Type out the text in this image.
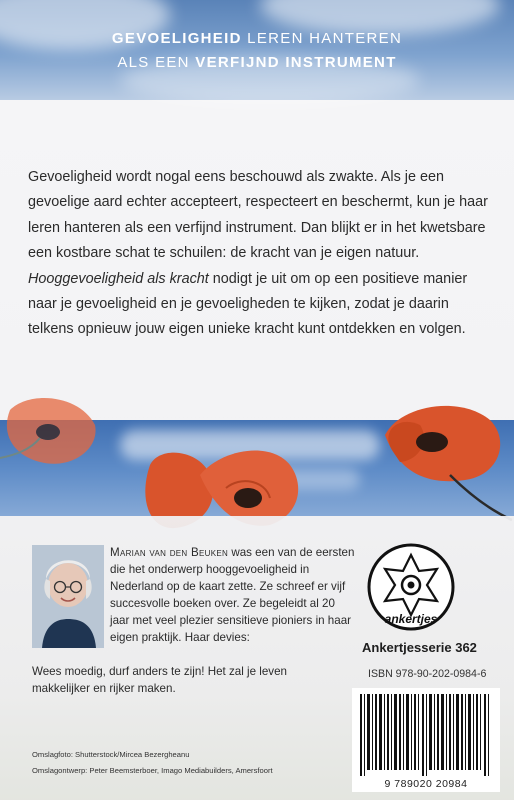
GEVOELIGHEID LEREN HANTEREN
ALS EEN VERFIJND INSTRUMENT
Gevoeligheid wordt nogal eens beschouwd als zwakte. Als je een gevoelige aard echter accepteert, respecteert en beschermt, kun je haar leren hanteren als een verfijnd instrument. Dan blijkt er in het kwetsbare een kostbare schat te schuilen: de kracht van je eigen natuur. Hooggevoeligheid als kracht nodigt je uit om op een positieve manier naar je gevoeligheid en je gevoeligheden te kijken, zodat je daarin telkens opnieuw jouw eigen unieke kracht kunt ontdekken en volgen.
Marian van den Beuken was een van de eersten die het onderwerp hooggevoeligheid in Nederland op de kaart zette. Ze schreef er vijf succesvolle boeken over. Ze begeleidt al 20 jaar met veel plezier sensitieve pioniers in haar eigen praktijk. Haar devies:
Wees moedig, durf anders te zijn! Het zal je leven makkelijker en rijker maken.
ankertjes
Ankertjesserie 362
ISBN 978-90-202-0984-6
9 789020 20984
Omslagfoto: Shutterstock/Mircea Bezergheanu
Omslagontwerp: Peter Beemsterboer, Imago Mediabuilders, Amersfoort
